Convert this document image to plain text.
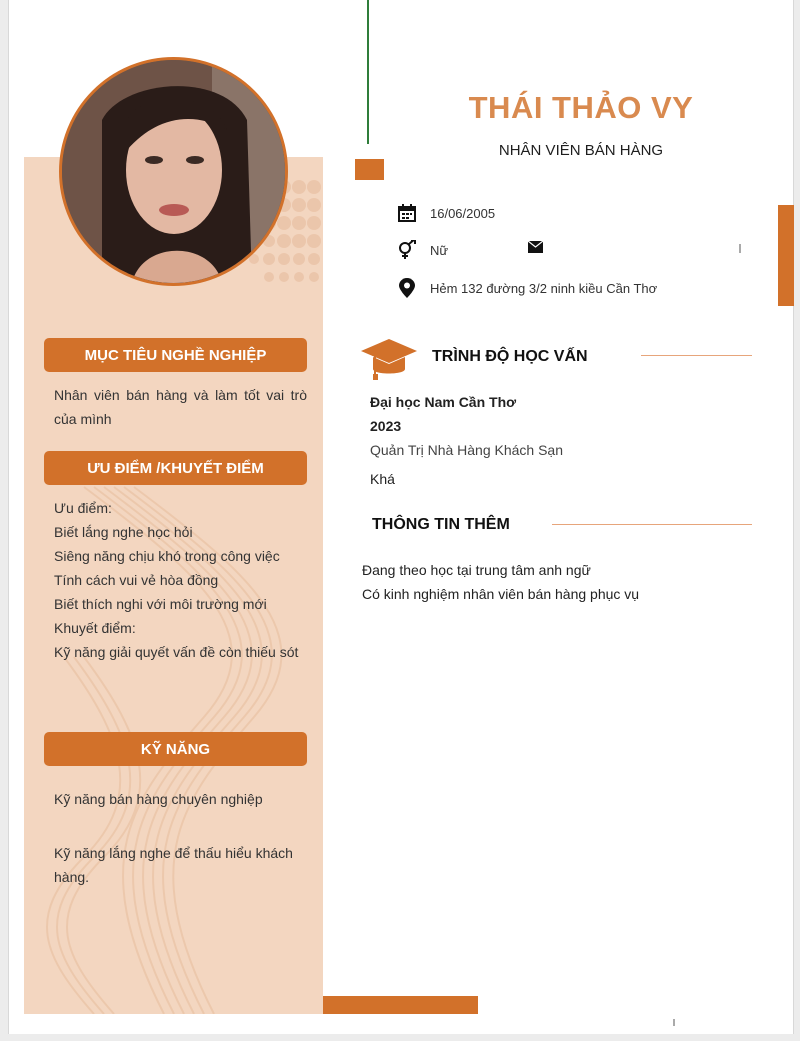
THÁI THẢO VY
NHÂN VIÊN BÁN HÀNG
16/06/2005
Nữ
Hẻm 132 đường 3/2 ninh kiều Cần Thơ
MỤC TIÊU NGHỀ NGHIỆP
Nhân viên bán hàng và làm tốt vai trò của mình
ƯU ĐIỂM /KHUYẾT ĐIỂM
Ưu điểm:
Biết lắng nghe học hỏi
Siêng năng chịu khó trong công việc
Tính cách vui vẻ hòa đồng
Biết thích nghi với môi trường mới
Khuyết điểm:
Kỹ năng giải quyết vấn đề còn thiếu sót
KỸ NĂNG
Kỹ năng bán hàng chuyên nghiệp
Kỹ năng lắng nghe để thấu hiểu khách hàng.
TRÌNH ĐỘ HỌC VẤN
Đại học Nam Cần Thơ
2023
Quản Trị Nhà Hàng Khách Sạn
Khá
THÔNG TIN THÊM
Đang theo học tại trung tâm anh ngữ
Có kinh nghiệm nhân viên bán hàng phục vụ
